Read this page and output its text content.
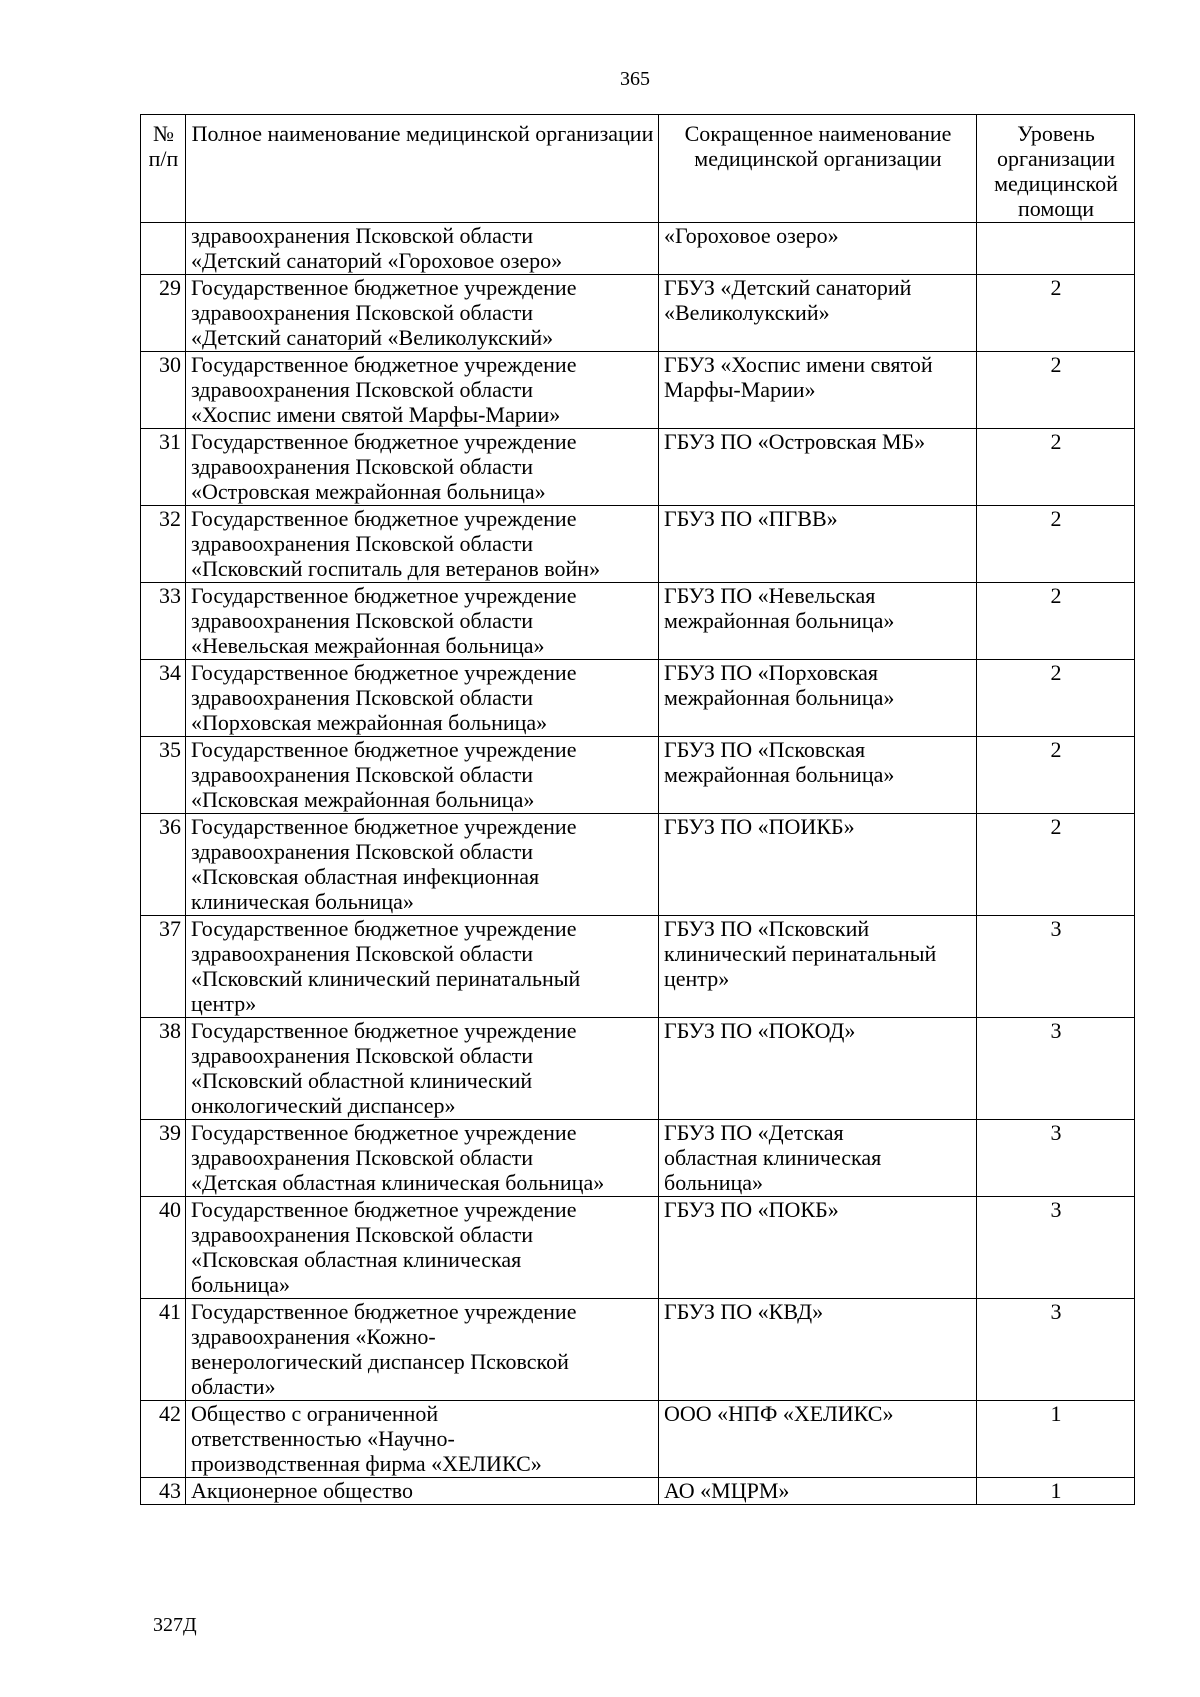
365
№ п/п	Полное наименование медицинской организации	Сокращенное наименование медицинской организации	Уровень организации медицинской помощи
	здравоохранения Псковской области
«Детский санаторий «Гороховое озеро»	«Гороховое озеро»	
29	Государственное бюджетное учреждение
здравоохранения Псковской области
«Детский санаторий «Великолукский»	ГБУЗ «Детский санаторий
«Великолукский»	2
30	Государственное бюджетное учреждение
здравоохранения Псковской области
«Хоспис имени святой Марфы-Марии»	ГБУЗ «Хоспис имени святой
Марфы-Марии»	2
31	Государственное бюджетное учреждение
здравоохранения Псковской области
«Островская межрайонная больница»	ГБУЗ ПО «Островская МБ»	2
32	Государственное бюджетное учреждение
здравоохранения Псковской области
«Псковский госпиталь для ветеранов войн»	ГБУЗ ПО «ПГВВ»	2
33	Государственное бюджетное учреждение
здравоохранения Псковской области
«Невельская межрайонная больница»	ГБУЗ ПО «Невельская
межрайонная больница»	2
34	Государственное бюджетное учреждение
здравоохранения Псковской области
«Порховская межрайонная больница»	ГБУЗ ПО «Порховская
межрайонная больница»	2
35	Государственное бюджетное учреждение
здравоохранения Псковской области
«Псковская межрайонная больница»	ГБУЗ ПО «Псковская
межрайонная больница»	2
36	Государственное бюджетное учреждение
здравоохранения Псковской области
«Псковская областная инфекционная
клиническая больница»	ГБУЗ ПО «ПОИКБ»	2
37	Государственное бюджетное учреждение
здравоохранения Псковской области
«Псковский клинический перинатальный
центр»	ГБУЗ ПО «Псковский
клинический перинатальный
центр»	3
38	Государственное бюджетное учреждение
здравоохранения Псковской области
«Псковский областной клинический
онкологический диспансер»	ГБУЗ ПО «ПОКОД»	3
39	Государственное бюджетное учреждение
здравоохранения Псковской области
«Детская областная клиническая больница»	ГБУЗ ПО «Детская
областная клиническая
больница»	3
40	Государственное бюджетное учреждение
здравоохранения Псковской области
«Псковская областная клиническая
больница»	ГБУЗ ПО «ПОКБ»	3
41	Государственное бюджетное учреждение
здравоохранения «Кожно-
венерологический диспансер Псковской
области»	ГБУЗ ПО «КВД»	3
42	Общество с ограниченной
ответственностью «Научно-
производственная фирма «ХЕЛИКС»	ООО «НПФ «ХЕЛИКС»	1
43	Акционерное общество	АО «МЦРМ»	1
327Д
